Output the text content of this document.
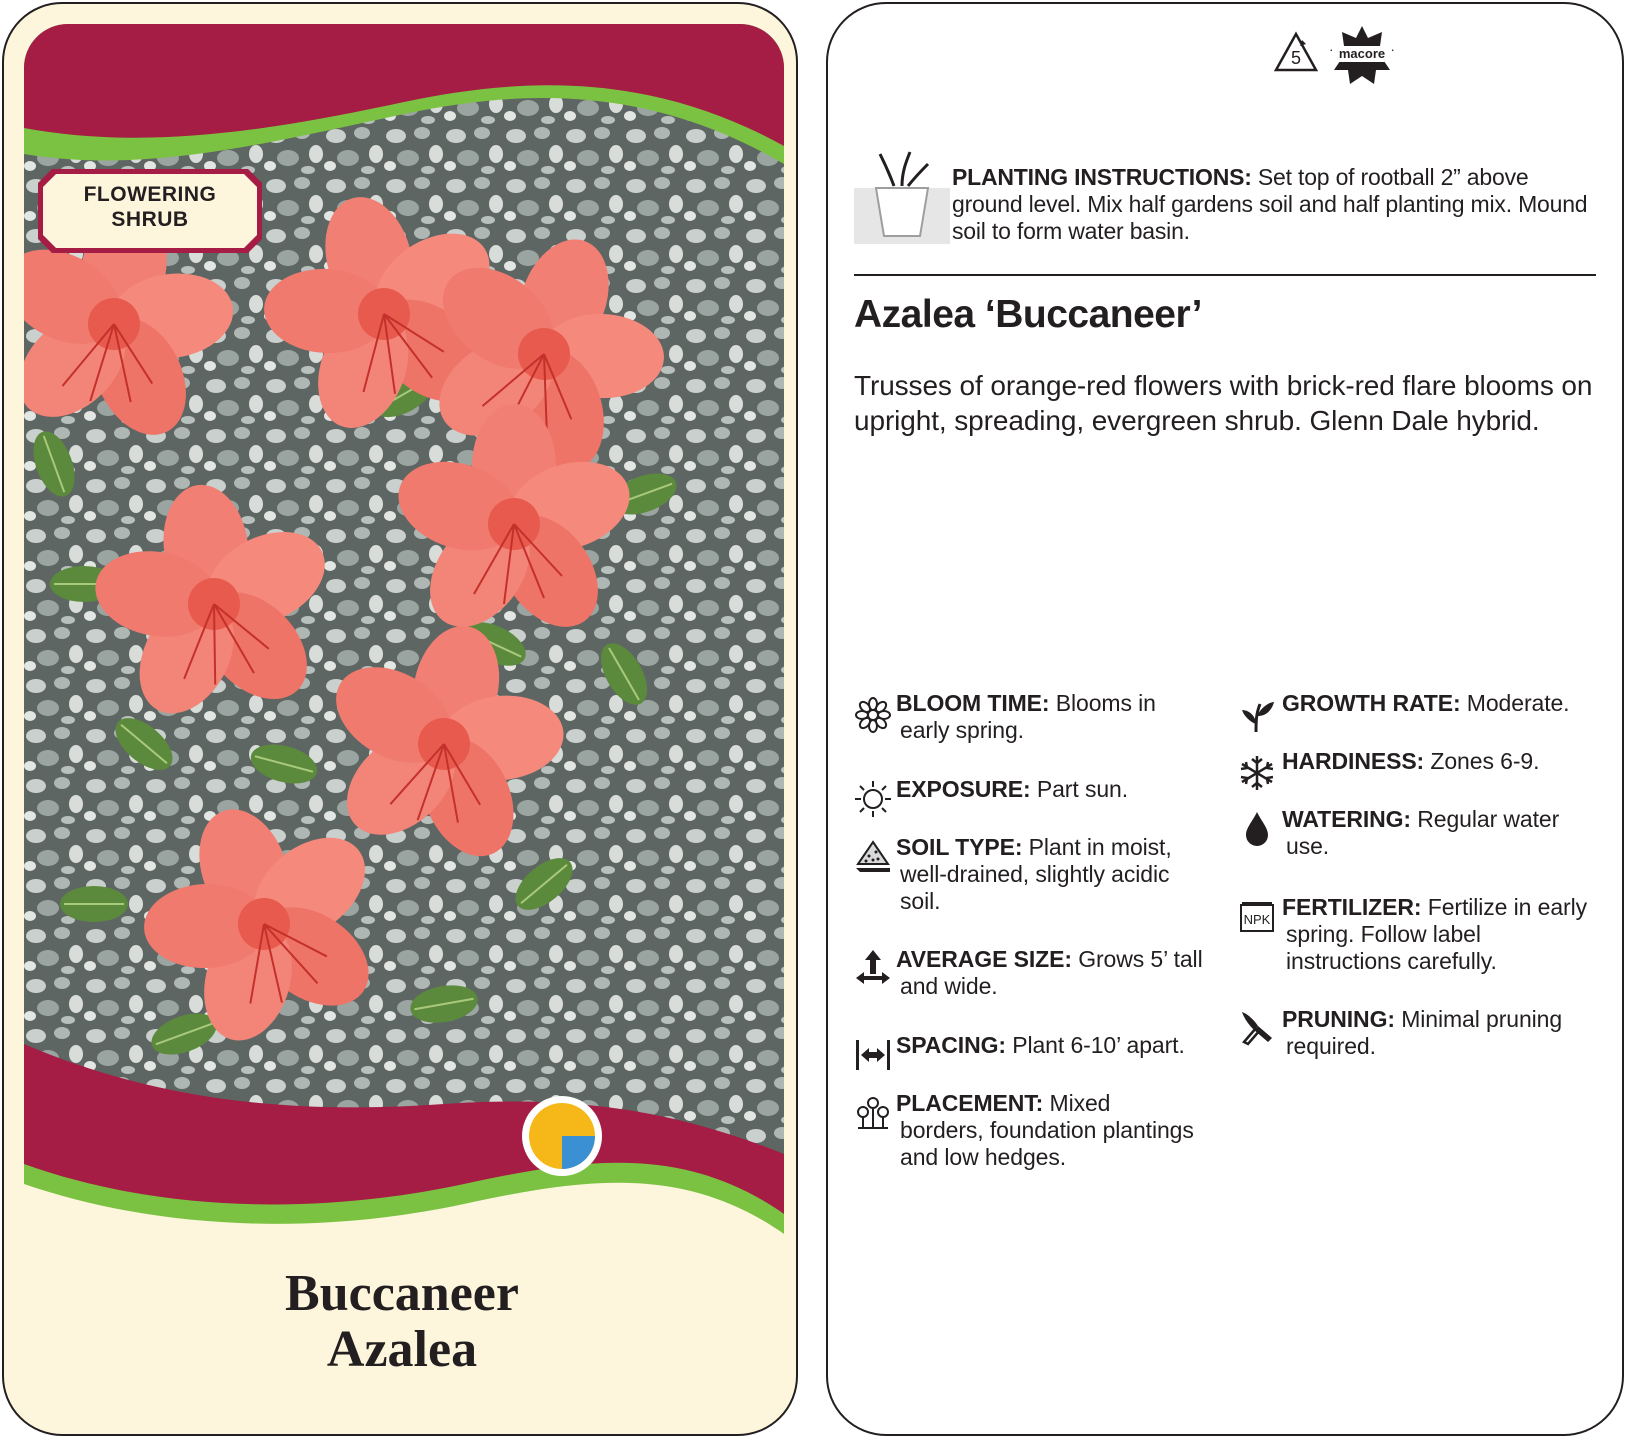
FLOWERING
SHRUB
Buccaneer
Azalea
5	macore
PLANTING INSTRUCTIONS: Set top of rootball 2” above ground level. Mix half gardens soil and half planting mix. Mound soil to form water basin.
Azalea ‘Buccaneer’
Trusses of orange-red flowers with brick-red flare blooms on upright, spreading, evergreen shrub. Glenn Dale hybrid.
BLOOM TIME: Blooms in
early spring.
EXPOSURE: Part sun.
SOIL TYPE: Plant in moist,
well-drained, slightly acidic soil.
AVERAGE SIZE: Grows 5’ tall
and wide.
SPACING: Plant 6-10’ apart.
PLACEMENT: Mixed
borders, foundation plantings and low hedges.
GROWTH RATE: Moderate.
HARDINESS: Zones 6-9.
WATERING: Regular water
use.
NPK FERTILIZER: Fertilize in early
spring. Follow label instructions carefully.
PRUNING: Minimal pruning
required.
